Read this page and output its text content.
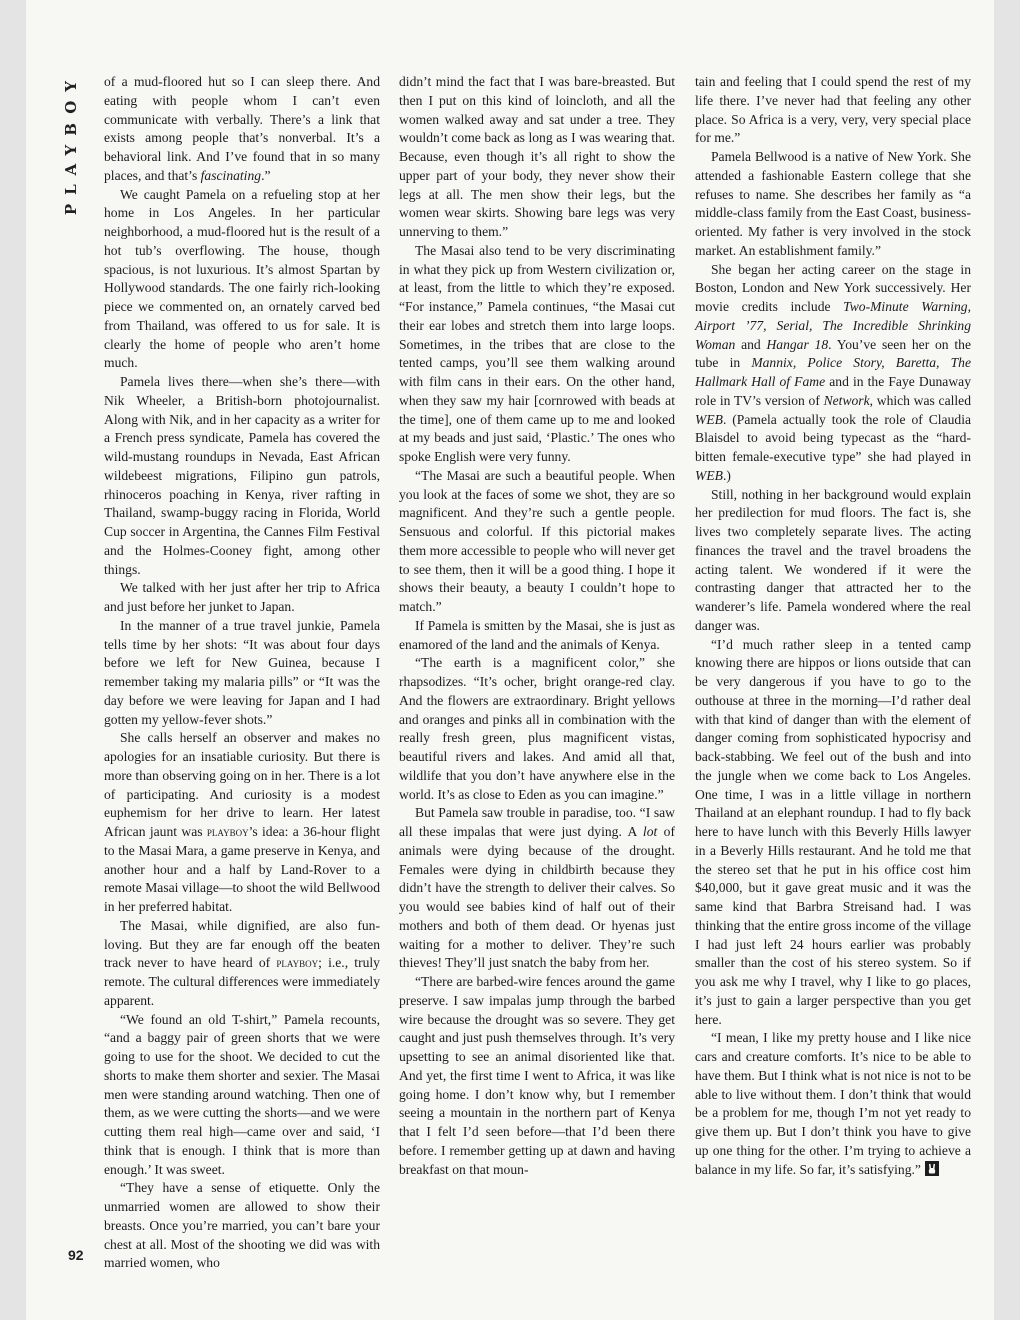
PLAYBOY of a mud-floored hut so I can sleep there. And eating with people whom I can’t even communicate with verbally. There’s a link that exists among people that’s nonverbal. It’s a behavioral link. And I’ve found that in so many places, and that’s fascinating.”

We caught Pamela on a refueling stop at her home in Los Angeles. In her particular neighborhood, a mud-floored hut is the result of a hot tub’s overflowing. The house, though spacious, is not luxurious. It’s almost Spartan by Hollywood standards. The one fairly rich-looking piece we commented on, an ornately carved bed from Thailand, was offered to us for sale. It is clearly the home of people who aren’t home much.

Pamela lives there—when she’s there—with Nik Wheeler, a British-born photojournalist. Along with Nik, and in her capacity as a writer for a French press syndicate, Pamela has covered the wild-mustang roundups in Nevada, East African wildebeest migrations, Filipino gun patrols, rhinoceros poaching in Kenya, river rafting in Thailand, swamp-buggy racing in Florida, World Cup soccer in Argentina, the Cannes Film Festival and the Holmes-Cooney fight, among other things.

We talked with her just after her trip to Africa and just before her junket to Japan.

In the manner of a true travel junkie, Pamela tells time by her shots: “It was about four days before we left for New Guinea, because I remember taking my malaria pills” or “It was the day before we were leaving for Japan and I had gotten my yellow-fever shots.”

She calls herself an observer and makes no apologies for an insatiable curiosity. But there is more than observing going on in her. There is a lot of participating. And curiosity is a modest euphemism for her drive to learn. Her latest African jaunt was playboy’s idea: a 36-hour flight to the Masai Mara, a game preserve in Kenya, and another hour and a half by Land-Rover to a remote Masai village—to shoot the wild Bellwood in her preferred habitat.

The Masai, while dignified, are also fun-loving. But they are far enough off the beaten track never to have heard of playboy; i.e., truly remote. The cultural differences were immediately apparent.

“We found an old T-shirt,” Pamela recounts, “and a baggy pair of green shorts that we were going to use for the shoot. We decided to cut the shorts to make them shorter and sexier. The Masai men were standing around watching. Then one of them, as we were cutting the shorts—and we were cutting them real high—came over and said, ‘I think that is enough. I think that is more than enough.’ It was sweet.

“They have a sense of etiquette. Only the unmarried women are allowed to show their breasts. Once you’re married, you can’t bare your chest at all. Most of the shooting we did was with married women, who

didn’t mind the fact that I was bare-breasted. But then I put on this kind of loincloth, and all the women walked away and sat under a tree. They wouldn’t come back as long as I was wearing that. Because, even though it’s all right to show the upper part of your body, they never show their legs at all. The men show their legs, but the women wear skirts. Showing bare legs was very unnerving to them.”

The Masai also tend to be very discriminating in what they pick up from Western civilization or, at least, from the little to which they’re exposed. “For instance,” Pamela continues, “the Masai cut their ear lobes and stretch them into large loops. Sometimes, in the tribes that are close to the tented camps, you’ll see them walking around with film cans in their ears. On the other hand, when they saw my hair [cornrowed with beads at the time], one of them came up to me and looked at my beads and just said, ‘Plastic.’ The ones who spoke English were very funny.

“The Masai are such a beautiful people. When you look at the faces of some we shot, they are so magnificent. And they’re such a gentle people. Sensuous and colorful. If this pictorial makes them more accessible to people who will never get to see them, then it will be a good thing. I hope it shows their beauty, a beauty I couldn’t hope to match.”

If Pamela is smitten by the Masai, she is just as enamored of the land and the animals of Kenya.

“The earth is a magnificent color,” she rhapsodizes. “It’s ocher, bright orange-red clay. And the flowers are extraordinary. Bright yellows and oranges and pinks all in combination with the really fresh green, plus magnificent vistas, beautiful rivers and lakes. And amid all that, wildlife that you don’t have anywhere else in the world. It’s as close to Eden as you can imagine.”

But Pamela saw trouble in paradise, too. “I saw all these impalas that were just dying. A lot of animals were dying because of the drought. Females were dying in childbirth because they didn’t have the strength to deliver their calves. So you would see babies kind of half out of their mothers and both of them dead. Or hyenas just waiting for a mother to deliver. They’re such thieves! They’ll just snatch the baby from her.

“There are barbed-wire fences around the game preserve. I saw impalas jump through the barbed wire because the drought was so severe. They get caught and just push themselves through. It’s very upsetting to see an animal disoriented like that. And yet, the first time I went to Africa, it was like going home. I don’t know why, but I remember seeing a mountain in the northern part of Kenya that I felt I’d seen before—that I’d been there before. I remember getting up at dawn and having breakfast on that moun-

tain and feeling that I could spend the rest of my life there. I’ve never had that feeling any other place. So Africa is a very, very, very special place for me.”

Pamela Bellwood is a native of New York. She attended a fashionable Eastern college that she refuses to name. She describes her family as “a middle-class family from the East Coast, business-oriented. My father is very involved in the stock market. An establishment family.”

She began her acting career on the stage in Boston, London and New York successively. Her movie credits include Two-Minute Warning, Airport ’77, Serial, The Incredible Shrinking Woman and Hangar 18. You’ve seen her on the tube in Mannix, Police Story, Baretta, The Hallmark Hall of Fame and in the Faye Dunaway role in TV’s version of Network, which was called WEB. (Pamela actually took the role of Claudia Blaisdel to avoid being typecast as the “hard-bitten female-executive type” she had played in WEB.)

Still, nothing in her background would explain her predilection for mud floors. The fact is, she lives two completely separate lives. The acting finances the travel and the travel broadens the acting talent. We wondered if it were the contrasting danger that attracted her to the wanderer’s life. Pamela wondered where the real danger was.

“I’d much rather sleep in a tented camp knowing there are hippos or lions outside that can be very dangerous if you have to go to the outhouse at three in the morning—I’d rather deal with that kind of danger than with the element of danger coming from sophisticated hypocrisy and back-stabbing. We feel out of the bush and into the jungle when we come back to Los Angeles. One time, I was in a little village in northern Thailand at an elephant roundup. I had to fly back here to have lunch with this Beverly Hills lawyer in a Beverly Hills restaurant. And he told me that the stereo set that he put in his office cost him $40,000, but it gave great music and it was the same kind that Barbra Streisand had. I was thinking that the entire gross income of the village I had just left 24 hours earlier was probably smaller than the cost of his stereo system. So if you ask me why I travel, why I like to go places, it’s just to gain a larger perspective than you get here.

“I mean, I like my pretty house and I like nice cars and creature comforts. It’s nice to be able to have them. But I think what is not nice is not to be able to live without them. I don’t think that would be a problem for me, though I’m not yet ready to give them up. But I don’t think you have to give up one thing for the other. I’m trying to achieve a balance in my life. So far, it’s satisfying.”

92
